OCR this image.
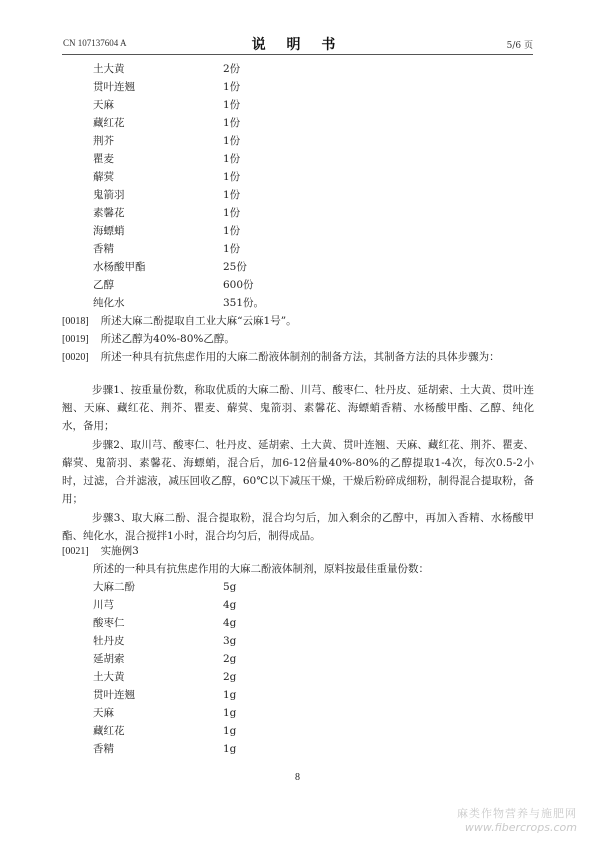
CN 107137604 A	说 明 书	5/6 页
土大黄	2份
贯叶连翘	1份
天麻	1份
藏红花	1份
荆芥	1份
瞿麦	1份
薢蓂	1份
鬼箭羽	1份
素馨花	1份
海螵蛸	1份
香精	1份
水杨酸甲酯	25份
乙醇	600份
纯化水	351份。
[0018] 所述大麻二酚提取自工业大麻“云麻1号”。
[0019] 所述乙醇为40%-80%乙醇。
[0020] 所述一种具有抗焦虑作用的大麻二酚液体制剂的制备方法，其制备方法的具体步骤为：
步骤1、按重量份数，称取优质的大麻二酚、川芎、酸枣仁、牡丹皮、延胡索、土大黄、贯叶连翘、天麻、藏红花、荆芥、瞿麦、薢蓂、鬼箭羽、素馨花、海螵蛸香精、水杨酸甲酯、乙醇、纯化水，备用；
步骤2、取川芎、酸枣仁、牡丹皮、延胡索、土大黄、贯叶连翘、天麻、藏红花、荆芥、瞿麦、薢蓂、鬼箭羽、素馨花、海螵蛸，混合后，加6-12倍量40%-80%的乙醇提取1-4次，每次0.5-2小时，过滤，合并滤液，减压回收乙醇，60℃以下减压干燥，干燥后粉碎成细粉，制得混合提取粉，备用；
步骤3、取大麻二酚、混合提取粉，混合均匀后，加入剩余的乙醇中，再加入香精、水杨酸甲酯、纯化水，混合搅拌1小时，混合均匀后，制得成品。
[0021] 实施例3
所述的一种具有抗焦虑作用的大麻二酚液体制剂，原料按最佳重量份数：
大麻二酚	5g
川芎	4g
酸枣仁	4g
牡丹皮	3g
延胡索	2g
土大黄	2g
贯叶连翘	1g
天麻	1g
藏红花	1g
香精	1g
8
麻类作物营养与施肥网
www.fibercrops.com
